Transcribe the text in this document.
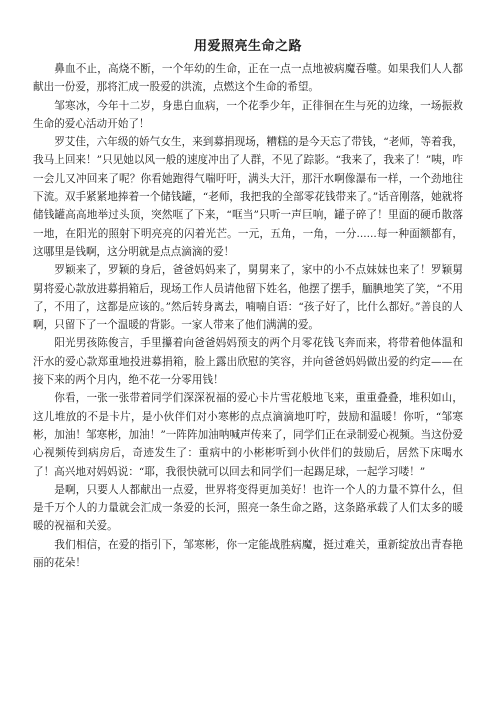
用爱照亮生命之路

鼻血不止，高烧不断，一个年幼的生命，正在一点一点地被病魔吞噬。如果我们人人都献出一份爱，那将汇成一股爱的洪流，点燃这个生命的希望。

邹寒冰，今年十二岁，身患白血病，一个花季少年，正徘徊在生与死的边缘，一场振救生命的爱心活动开始了！

罗艾佳，六年级的娇气女生，来到募捐现场，糟糕的是今天忘了带钱，“老师，等着我，我马上回来！”只见她以风一般的速度冲出了人群，不见了踪影。“我来了，我来了！”咦，咋一会儿又冲回来了呢？你看她跑得气喘吁吁，满头大汗，那汗水啊像瀑布一样，一个劲地往下流。双手紧紧地捧着一个储钱罐，“老师，我把我的全部零花钱带来了。”话音刚落，她就将储钱罐高高地举过头顶，突然哐了下来，“哐当”只听一声巨响，罐子碎了！里面的硬币散落一地，在阳光的照射下明亮亮的闪着光芒。一元，五角，一角，一分......每一种面额都有，这哪里是钱啊，这分明就是点点滴滴的爱！

罗颖来了，罗颖的身后，爸爸妈妈来了，舅舅来了，家中的小不点妹妹也来了！罗颖舅舅将爱心款放进募捐箱后，现场工作人员请他留下姓名，他摆了摆手，腼腆地笑了笑，“不用了，不用了，这都是应该的。”然后转身离去，喃喃自语：“孩子好了，比什么都好。”善良的人啊，只留下了一个温暖的背影。一家人带来了他们满满的爱。

阳光男孩陈俊言，手里攥着向爸爸妈妈预支的两个月零花钱飞奔而来，将带着他体温和汗水的爱心款郑重地投进募捐箱，脸上露出欣慰的笑容，并向爸爸妈妈做出爱的约定——在接下来的两个月内，绝不花一分零用钱！

你看，一张一张带着同学们深深祝福的爱心卡片雪花般地飞来，重重叠叠，堆积如山，这儿堆放的不是卡片，是小伙伴们对小寒彬的点点滴滴地叮咛，鼓励和温暖！你听，“邹寒彬，加油！邹寒彬，加油！”一阵阵加油呐喊声传来了，同学们正在录制爱心视频。当这份爱心视频传到病房后，奇迹发生了：重病中的小彬彬听到小伙伴们的鼓励后，居然下床喝水了！高兴地对妈妈说：“耶，我很快就可以回去和同学们一起踢足球，一起学习喽！”

是啊，只要人人都献出一点爱，世界将变得更加美好！也许一个人的力量不算什么，但是千万个人的力量就会汇成一条爱的长河，照亮一条生命之路，这条路承载了人们太多的暖暖的祝福和关爱。

我们相信，在爱的指引下，邹寒彬，你一定能战胜病魔，挺过难关，重新绽放出青春艳丽的花朵！
